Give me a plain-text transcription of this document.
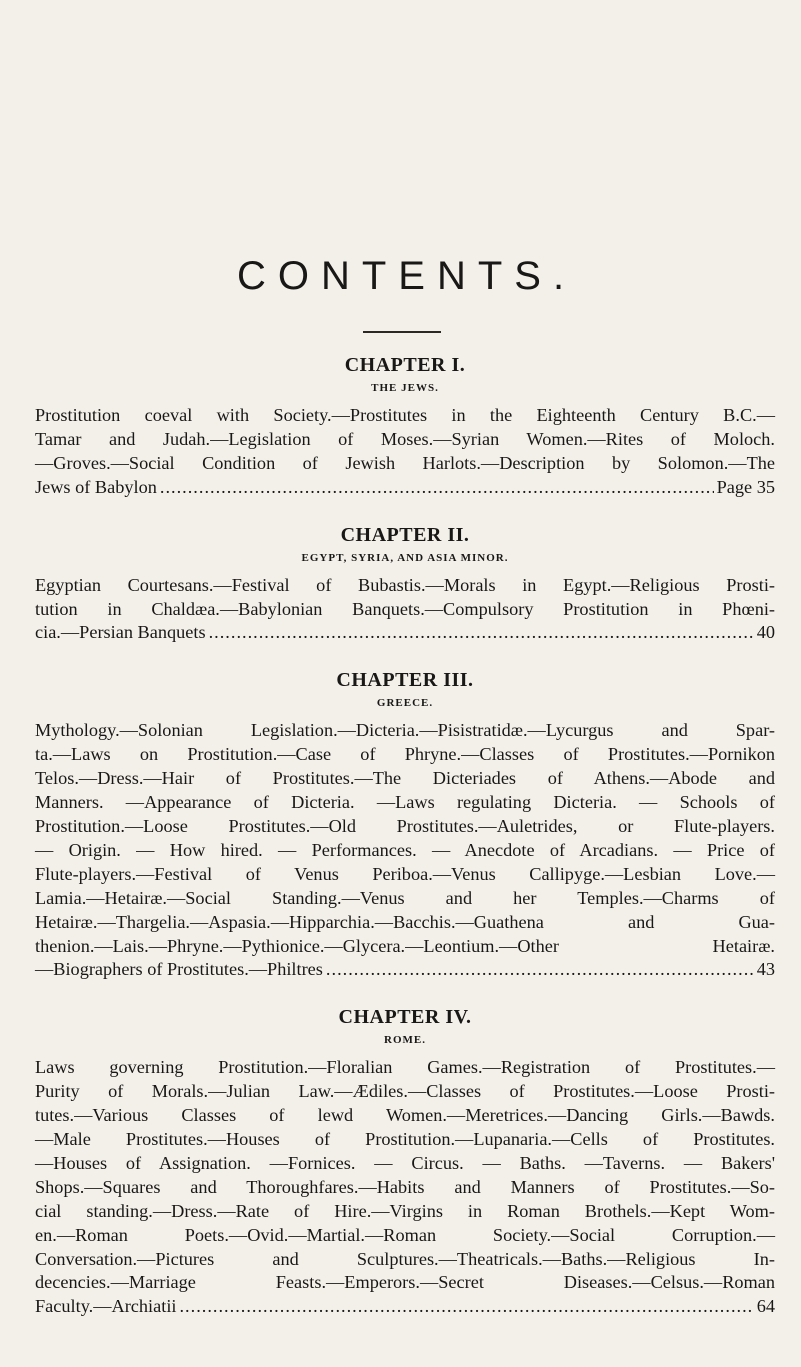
CONTENTS.
CHAPTER I.
THE JEWS.
Prostitution coeval with Society.—Prostitutes in the Eighteenth Century B.C.—
Tamar and Judah.—Legislation of Moses.—Syrian Women.—Rites of Moloch.
—Groves.—Social Condition of Jewish Harlots.—Description by Solomon.—The
Jews of Babylon .....	Page 35
CHAPTER II.
EGYPT, SYRIA, AND ASIA MINOR.
Egyptian Courtesans.—Festival of Bubastis.—Morals in Egypt.—Religious Prosti-
tution in Chaldæa.—Babylonian Banquets.—Compulsory Prostitution in Phœni-
cia.—Persian Banquets .....	40
CHAPTER III.
GREECE.
Mythology.—Solonian Legislation.—Dicteria.—Pisistratidæ.—Lycurgus and Spar-
ta.—Laws on Prostitution.—Case of Phryne.—Classes of Prostitutes.—Pornikon
Telos.—Dress.—Hair of Prostitutes.—The Dicteriades of Athens.—Abode and
Manners. —Appearance of Dicteria. —Laws regulating Dicteria. — Schools of
Prostitution.—Loose Prostitutes.—Old Prostitutes.—Auletrides, or Flute-players.
— Origin. — How hired. — Performances. — Anecdote of Arcadians. — Price of
Flute-players.—Festival of Venus Periboa.—Venus Callipyge.—Lesbian Love.—
Lamia.—Hetairæ.—Social Standing.—Venus and her Temples.—Charms of
Hetairæ.—Thargelia.—Aspasia.—Hipparchia.—Bacchis.—Guathena and Gua-
thenion.—Lais.—Phryne.—Pythionice.—Glycera.—Leontium.—Other Hetairæ.
—Biographers of Prostitutes.—Philtres .....	43
CHAPTER IV.
ROME.
Laws governing Prostitution.—Floralian Games.—Registration of Prostitutes.—
Purity of Morals.—Julian Law.—Ædiles.—Classes of Prostitutes.—Loose Prosti-
tutes.—Various Classes of lewd Women.—Meretrices.—Dancing Girls.—Bawds.
—Male Prostitutes.—Houses of Prostitution.—Lupanaria.—Cells of Prostitutes.
—Houses of Assignation. —Fornices. — Circus. — Baths. —Taverns. — Bakers'
Shops.—Squares and Thoroughfares.—Habits and Manners of Prostitutes.—So-
cial standing.—Dress.—Rate of Hire.—Virgins in Roman Brothels.—Kept Wom-
en.—Roman Poets.—Ovid.—Martial.—Roman Society.—Social Corruption.—
Conversation.—Pictures and Sculptures.—Theatricals.—Baths.—Religious In-
decencies.—Marriage Feasts.—Emperors.—Secret Diseases.—Celsus.—Roman
Faculty.—Archiatii .....	64
